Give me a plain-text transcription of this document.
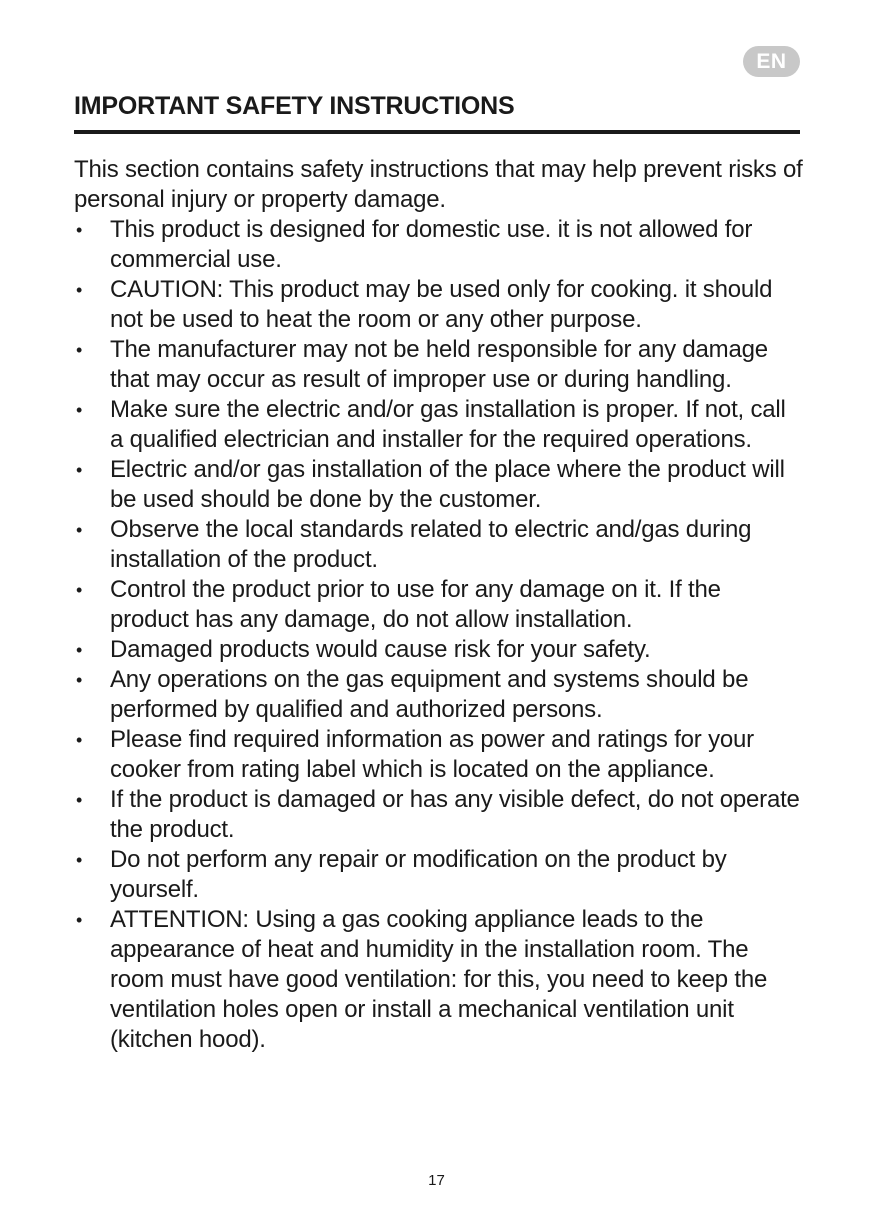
EN
IMPORTANT SAFETY INSTRUCTIONS

This section contains safety instructions that may help prevent risks of personal injury or property damage.

• This product is designed for domestic use. it is not allowed for commercial use.
• CAUTION: This product may be used only for cooking. it should not be used to heat the room or any other purpose.
• The manufacturer may not be held responsible for any damage that may occur as result of improper use or during handling.
• Make sure the electric and/or gas installation is proper. If not, call a qualified electrician and installer for the required operations.
• Electric and/or gas installation of the place where the product will be used should be done by the customer.
• Observe the local standards related to electric and/gas during installation of the product.
• Control the product prior to use for any damage on it. If the product has any damage, do not allow installation.
• Damaged products would cause risk for your safety.
• Any operations on the gas equipment and systems should be performed by qualified and authorized persons.
• Please find required information as power and ratings for your cooker from rating label which is located on the appliance.
• If the product is damaged or has any visible defect, do not operate the product.
• Do not perform any repair or modification on the product by yourself.
• ATTENTION: Using a gas cooking appliance leads to the appearance of heat and humidity in the installation room. The room must have good ventilation: for this, you need to keep the ventilation holes open or install a mechanical ventilation unit (kitchen hood).
17
